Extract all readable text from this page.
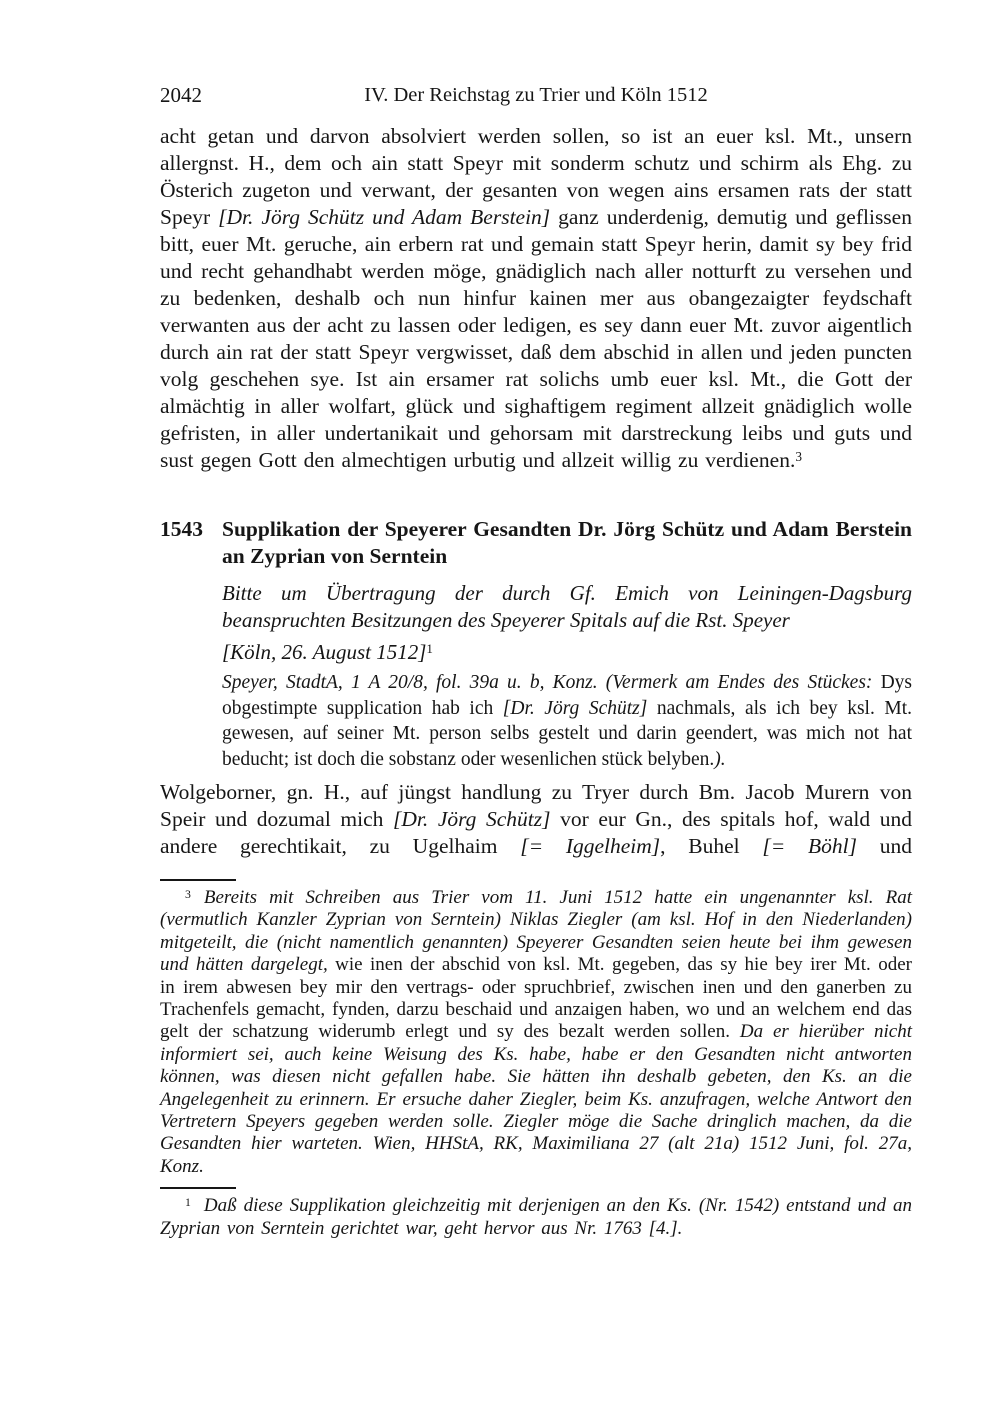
2042	IV. Der Reichstag zu Trier und Köln 1512

acht getan und darvon absolviert werden sollen, so ist an euer ksl. Mt., unsern allergnst. H., dem och ain statt Speyr mit sonderm schutz und schirm als Ehg. zu Österich zugeton und verwant, der gesanten von wegen ains ersamen rats der statt Speyr [Dr. Jörg Schütz und Adam Berstein] ganz underdenig, demutig und geflissen bitt, euer Mt. geruche, ain erbern rat und gemain statt Speyr herin, damit sy bey frid und recht gehandhabt werden möge, gnädiglich nach aller notturft zu versehen und zu bedenken, deshalb och nun hinfur kainen mer aus obangezaigter feydschaft verwanten aus der acht zu lassen oder ledigen, es sey dann euer Mt. zuvor aigentlich durch ain rat der statt Speyr vergwisset, daß dem abschid in allen und jeden puncten volg geschehen sye. Ist ain ersamer rat solichs umb euer ksl. Mt., die Gott der almächtig in aller wolfart, glück und sighaftigem regiment allzeit gnädiglich wolle gefristen, in aller undertanikait und gehorsam mit darstreckung leibs und guts und sust gegen Gott den almechtigen urbutig und allzeit willig zu verdienen.$^3$

1543 Supplikation der Speyerer Gesandten Dr. Jörg Schütz und Adam Berstein an Zyprian von Serntein

Bitte um Übertragung der durch Gf. Emich von Leiningen-Dagsburg beanspruchten Besitzungen des Speyerer Spitals auf die Rst. Speyer

[Köln, 26. August 1512]$^1$

Speyer, StadtA, 1 A 20/8, fol. 39a u. b, Konz. (Vermerk am Endes des Stückes: Dys obgestimpte supplication hab ich [Dr. Jörg Schütz] nachmals, als ich bey ksl. Mt. gewesen, auf seiner Mt. person selbs gestelt und darin geendert, was mich not hat beducht; ist doch die sobstanz oder wesenlichen stück belyben.).

Wolgeborner, gn. H., auf jüngst handlung zu Tryer durch Bm. Jacob Murern von Speir und dozumal mich [Dr. Jörg Schütz] vor eur Gn., des spitals hof, wald und andere gerechtikait, zu Ugelhaim [= Iggelheim], Buhel [= Böhl] und

$^3$ Bereits mit Schreiben aus Trier vom 11. Juni 1512 hatte ein ungenannter ksl. Rat (vermutlich Kanzler Zyprian von Serntein) Niklas Ziegler (am ksl. Hof in den Niederlanden) mitgeteilt, die (nicht namentlich genannten) Speyerer Gesandten seien heute bei ihm gewesen und hätten dargelegt, wie inen der abschid von ksl. Mt. gegeben, das sy hie bey irer Mt. oder in irem abwesen bey mir den vertrags- oder spruchbrief, zwischen inen und den ganerben zu Trachenfels gemacht, fynden, darzu beschaid und anzaigen haben, wo und an welchem end das gelt der schatzung widerumb erlegt und sy des bezalt werden sollen. Da er hierüber nicht informiert sei, auch keine Weisung des Ks. habe, habe er den Gesandten nicht antworten können, was diesen nicht gefallen habe. Sie hätten ihn deshalb gebeten, den Ks. an die Angelegenheit zu erinnern. Er ersuche daher Ziegler, beim Ks. anzufragen, welche Antwort den Vertretern Speyers gegeben werden solle. Ziegler möge die Sache dringlich machen, da die Gesandten hier warteten. Wien, HHStA, RK, Maximiliana 27 (alt 21a) 1512 Juni, fol. 27a, Konz.

$^1$ Daß diese Supplikation gleichzeitig mit derjenigen an den Ks. (Nr. 1542) entstand und an Zyprian von Serntein gerichtet war, geht hervor aus Nr. 1763 [4.].
